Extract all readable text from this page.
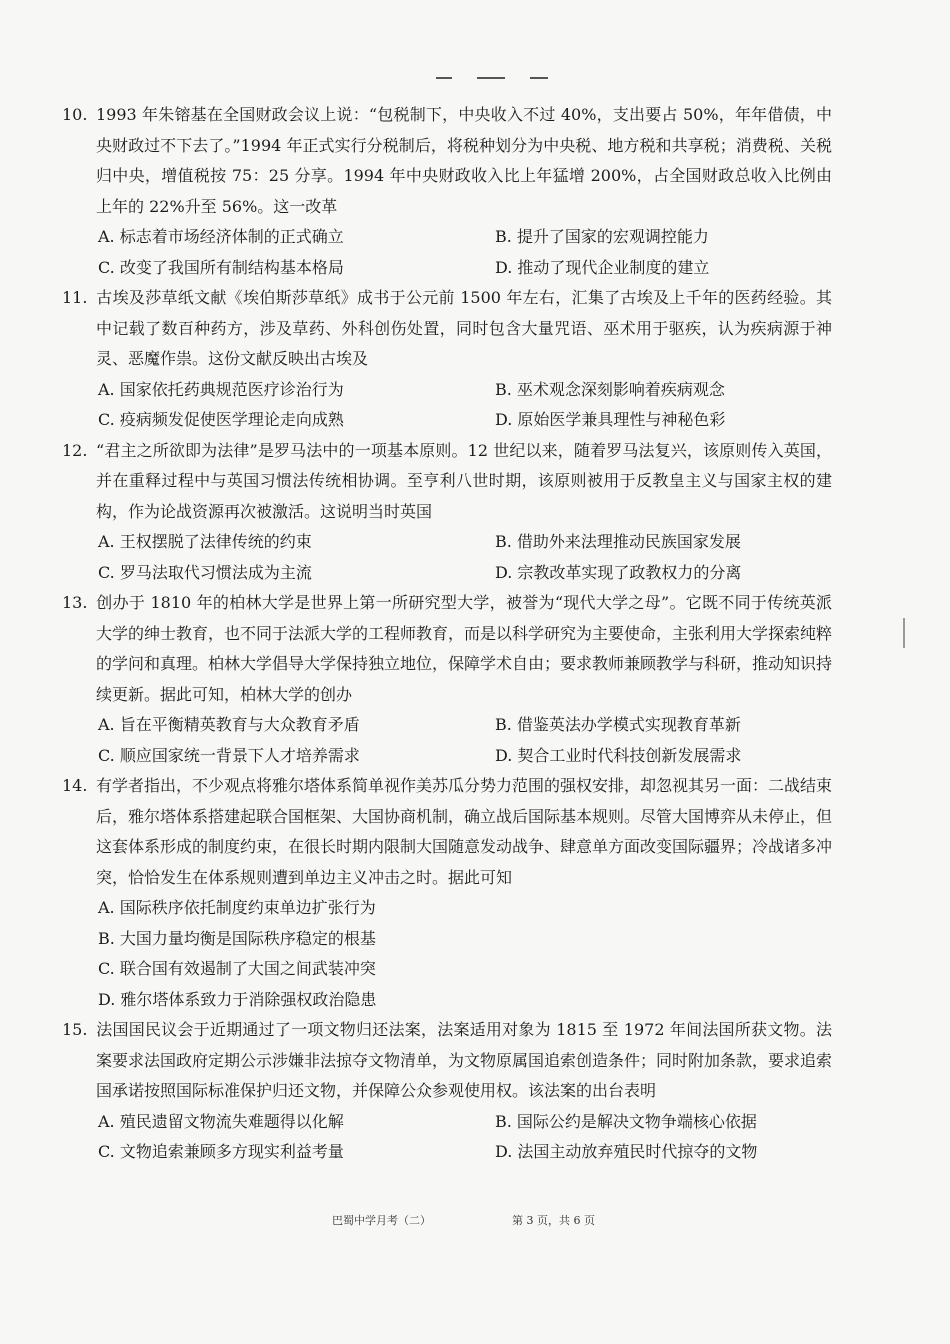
10. 1993 年朱镕基在全国财政会议上说：“包税制下，中央收入不过 40%，支出要占 50%，年年借债，中央财政过不下去了。”1994 年正式实行分税制后，将税种划分为中央税、地方税和共享税；消费税、关税归中央，增值税按 75：25 分享。1994 年中央财政收入比上年猛增 200%，占全国财政总收入比例由上年的 22%升至 56%。这一改革
A. 标志着市场经济体制的正式确立	B. 提升了国家的宏观调控能力
C. 改变了我国所有制结构基本格局	D. 推动了现代企业制度的建立
11. 古埃及莎草纸文献《埃伯斯莎草纸》成书于公元前 1500 年左右，汇集了古埃及上千年的医药经验。其中记载了数百种药方，涉及草药、外科创伤处置，同时包含大量咒语、巫术用于驱疾，认为疾病源于神灵、恶魔作祟。这份文献反映出古埃及
A. 国家依托药典规范医疗诊治行为	B. 巫术观念深刻影响着疾病观念
C. 疫病频发促使医学理论走向成熟	D. 原始医学兼具理性与神秘色彩
12. “君主之所欲即为法律”是罗马法中的一项基本原则。12 世纪以来，随着罗马法复兴，该原则传入英国，并在重释过程中与英国习惯法传统相协调。至亨利八世时期，该原则被用于反教皇主义与国家主权的建构，作为论战资源再次被激活。这说明当时英国
A. 王权摆脱了法律传统的约束	B. 借助外来法理推动民族国家发展
C. 罗马法取代习惯法成为主流	D. 宗教改革实现了政教权力的分离
13. 创办于 1810 年的柏林大学是世界上第一所研究型大学，被誉为“现代大学之母”。它既不同于传统英派大学的绅士教育，也不同于法派大学的工程师教育，而是以科学研究为主要使命，主张利用大学探索纯粹的学问和真理。柏林大学倡导大学保持独立地位，保障学术自由；要求教师兼顾教学与科研，推动知识持续更新。据此可知，柏林大学的创办
A. 旨在平衡精英教育与大众教育矛盾	B. 借鉴英法办学模式实现教育革新
C. 顺应国家统一背景下人才培养需求	D. 契合工业时代科技创新发展需求
14. 有学者指出，不少观点将雅尔塔体系简单视作美苏瓜分势力范围的强权安排，却忽视其另一面：二战结束后，雅尔塔体系搭建起联合国框架、大国协商机制，确立战后国际基本规则。尽管大国博弈从未停止，但这套体系形成的制度约束，在很长时期内限制大国随意发动战争、肆意单方面改变国际疆界；冷战诸多冲突，恰恰发生在体系规则遭到单边主义冲击之时。据此可知
A. 国际秩序依托制度约束单边扩张行为
B. 大国力量均衡是国际秩序稳定的根基
C. 联合国有效遏制了大国之间武装冲突
D. 雅尔塔体系致力于消除强权政治隐患
15. 法国国民议会于近期通过了一项文物归还法案，法案适用对象为 1815 至 1972 年间法国所获文物。法案要求法国政府定期公示涉嫌非法掠夺文物清单，为文物原属国追索创造条件；同时附加条款，要求追索国承诺按照国际标准保护归还文物，并保障公众参观使用权。该法案的出台表明
A. 殖民遗留文物流失难题得以化解	B. 国际公约是解决文物争端核心依据
C. 文物追索兼顾多方现实利益考量	D. 法国主动放弃殖民时代掠夺的文物
巴蜀中学月考（二）	第 3 页，共 6 页
